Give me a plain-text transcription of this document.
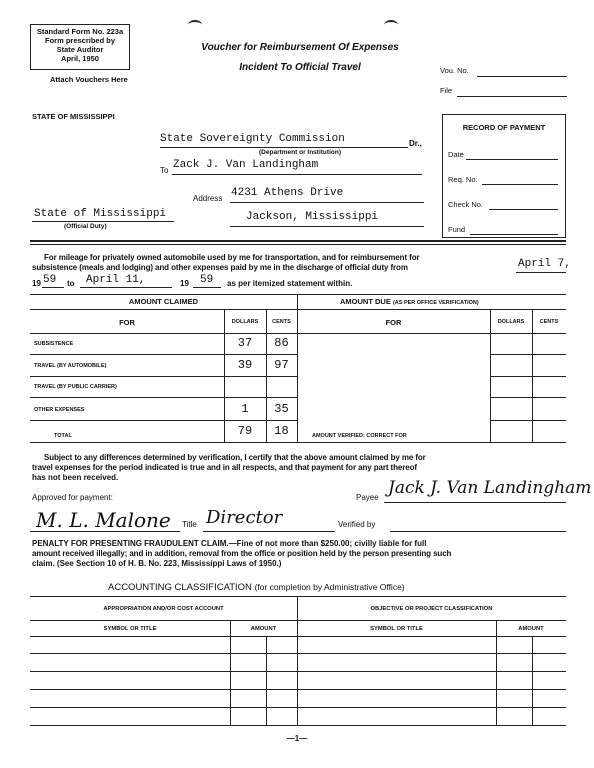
Standard Form No. 223a
Form prescribed by
State Auditor
April, 1950
Attach Vouchers Here
Voucher for Reimbursement Of Expenses
Incident To Official Travel	Vou. No.
File
STATE OF MISSISSIPPI
RECORD OF PAYMENT
Date
Req. No.
Check No.
Fund
State Sovereignty Commission	Dr.,
(Department or Institution)
To Zack J. Van Landingham
Address 4231 Athens Drive
Jackson, Mississippi
State of Mississippi
(Official Duty)
For mileage for privately owned automobile used by me for transportation, and for reimbursement for
subsistence (meals and lodging) and other expenses paid by me in the discharge of official duty from	April 7,
19 59 to April 11,	19 59 as per itemized statement within.
AMOUNT CLAIMED	AMOUNT DUE (AS PER OFFICE VERIFICATION)
FOR	DOLLARS	CENTS	FOR	DOLLARS	CENTS
SUBSISTENCE	37	86
TRAVEL (BY AUTOMOBILE)	39	97
TRAVEL (BY PUBLIC CARRIER)
OTHER EXPENSES	1	35
TOTAL	79	18	AMOUNT VERIFIED: CORRECT FOR
Subject to any differences determined by verification, I certify that the above amount claimed by me for
travel expenses for the period indicated is true and in all respects, and that payment for any part thereof
has not been received.
Approved for payment:	Payee Jack J. Van Landingham
M. L. Malone Title Director	Verified by
PENALTY FOR PRESENTING FRAUDULENT CLAIM.—Fine of not more than $250.00; civilly liable for full
amount received illegally; and in addition, removal from the office or position held by the person presenting such
claim. (See Section 10 of H. B. No. 223, Mississippi Laws of 1950.)
ACCOUNTING CLASSIFICATION (for completion by Administrative Office)
APPROPRIATION AND/OR COST ACCOUNT	OBJECTIVE OR PROJECT CLASSIFICATION
SYMBOL OR TITLE	AMOUNT	SYMBOL OR TITLE	AMOUNT
—1—
